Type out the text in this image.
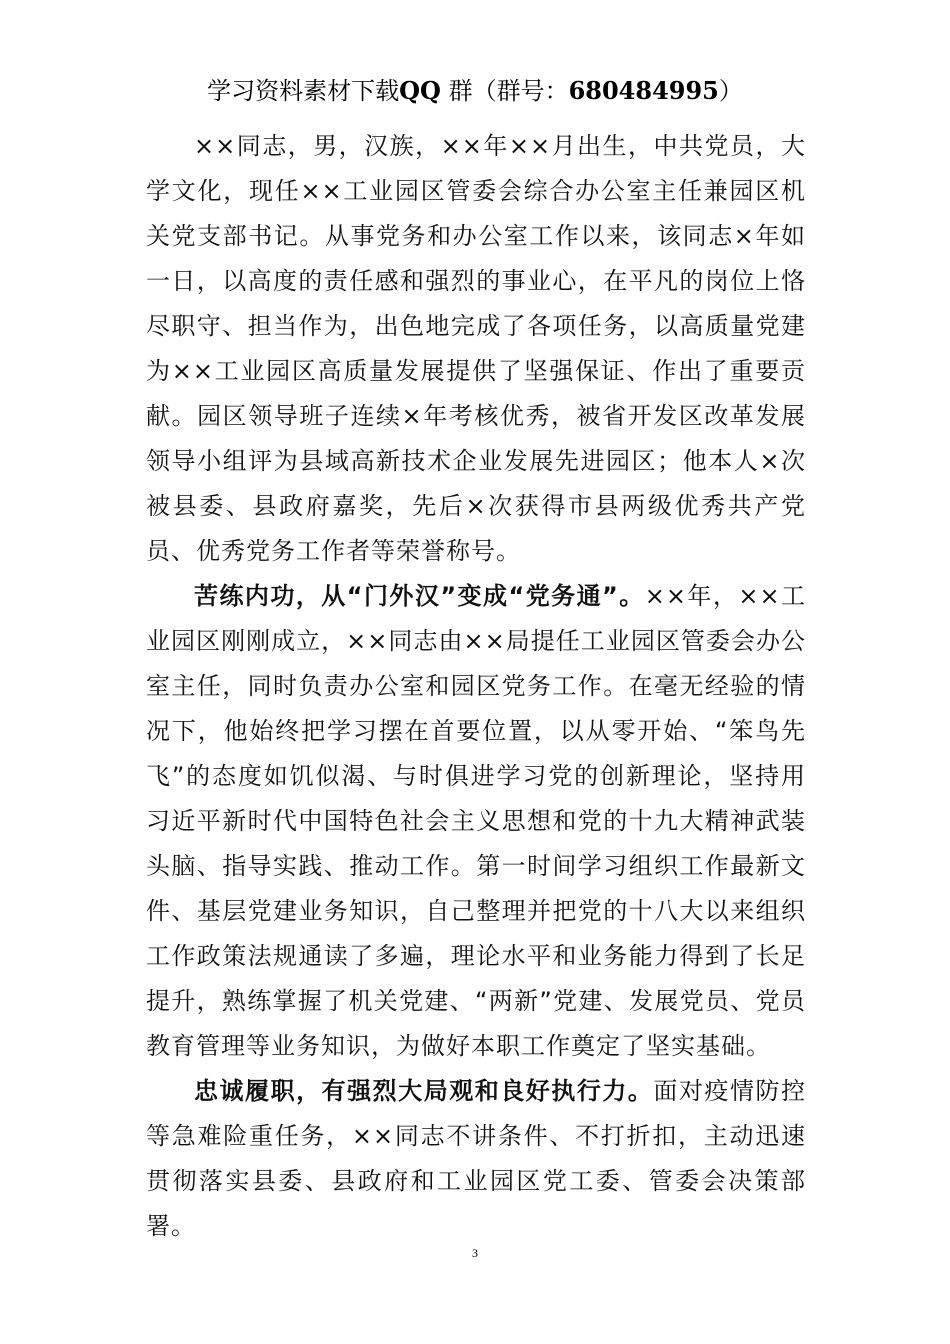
学习资料素材下载QQ 群（群号：680484995）

××同志，男，汉族，××年××月出生，中共党员，大学文化，现任××工业园区管委会综合办公室主任兼园区机关党支部书记。从事党务和办公室工作以来，该同志×年如一日，以高度的责任感和强烈的事业心，在平凡的岗位上恪尽职守、担当作为，出色地完成了各项任务，以高质量党建为××工业园区高质量发展提供了坚强保证、作出了重要贡献。园区领导班子连续×年考核优秀，被省开发区改革发展领导小组评为县域高新技术企业发展先进园区；他本人×次被县委、县政府嘉奖，先后×次获得市县两级优秀共产党员、优秀党务工作者等荣誉称号。

苦练内功，从“门外汉”变成“党务通”。××年，××工业园区刚刚成立，××同志由××局提任工业园区管委会办公室主任，同时负责办公室和园区党务工作。在毫无经验的情况下，他始终把学习摆在首要位置，以从零开始、“笨鸟先飞”的态度如饥似渴、与时俱进学习党的创新理论，坚持用习近平新时代中国特色社会主义思想和党的十九大精神武装头脑、指导实践、推动工作。第一时间学习组织工作最新文件、基层党建业务知识，自己整理并把党的十八大以来组织工作政策法规通读了多遍，理论水平和业务能力得到了长足提升，熟练掌握了机关党建、“两新”党建、发展党员、党员教育管理等业务知识，为做好本职工作奠定了坚实基础。

忠诚履职，有强烈大局观和良好执行力。面对疫情防控等急难险重任务，××同志不讲条件、不打折扣，主动迅速贯彻落实县委、县政府和工业园区党工委、管委会决策部署。

3
